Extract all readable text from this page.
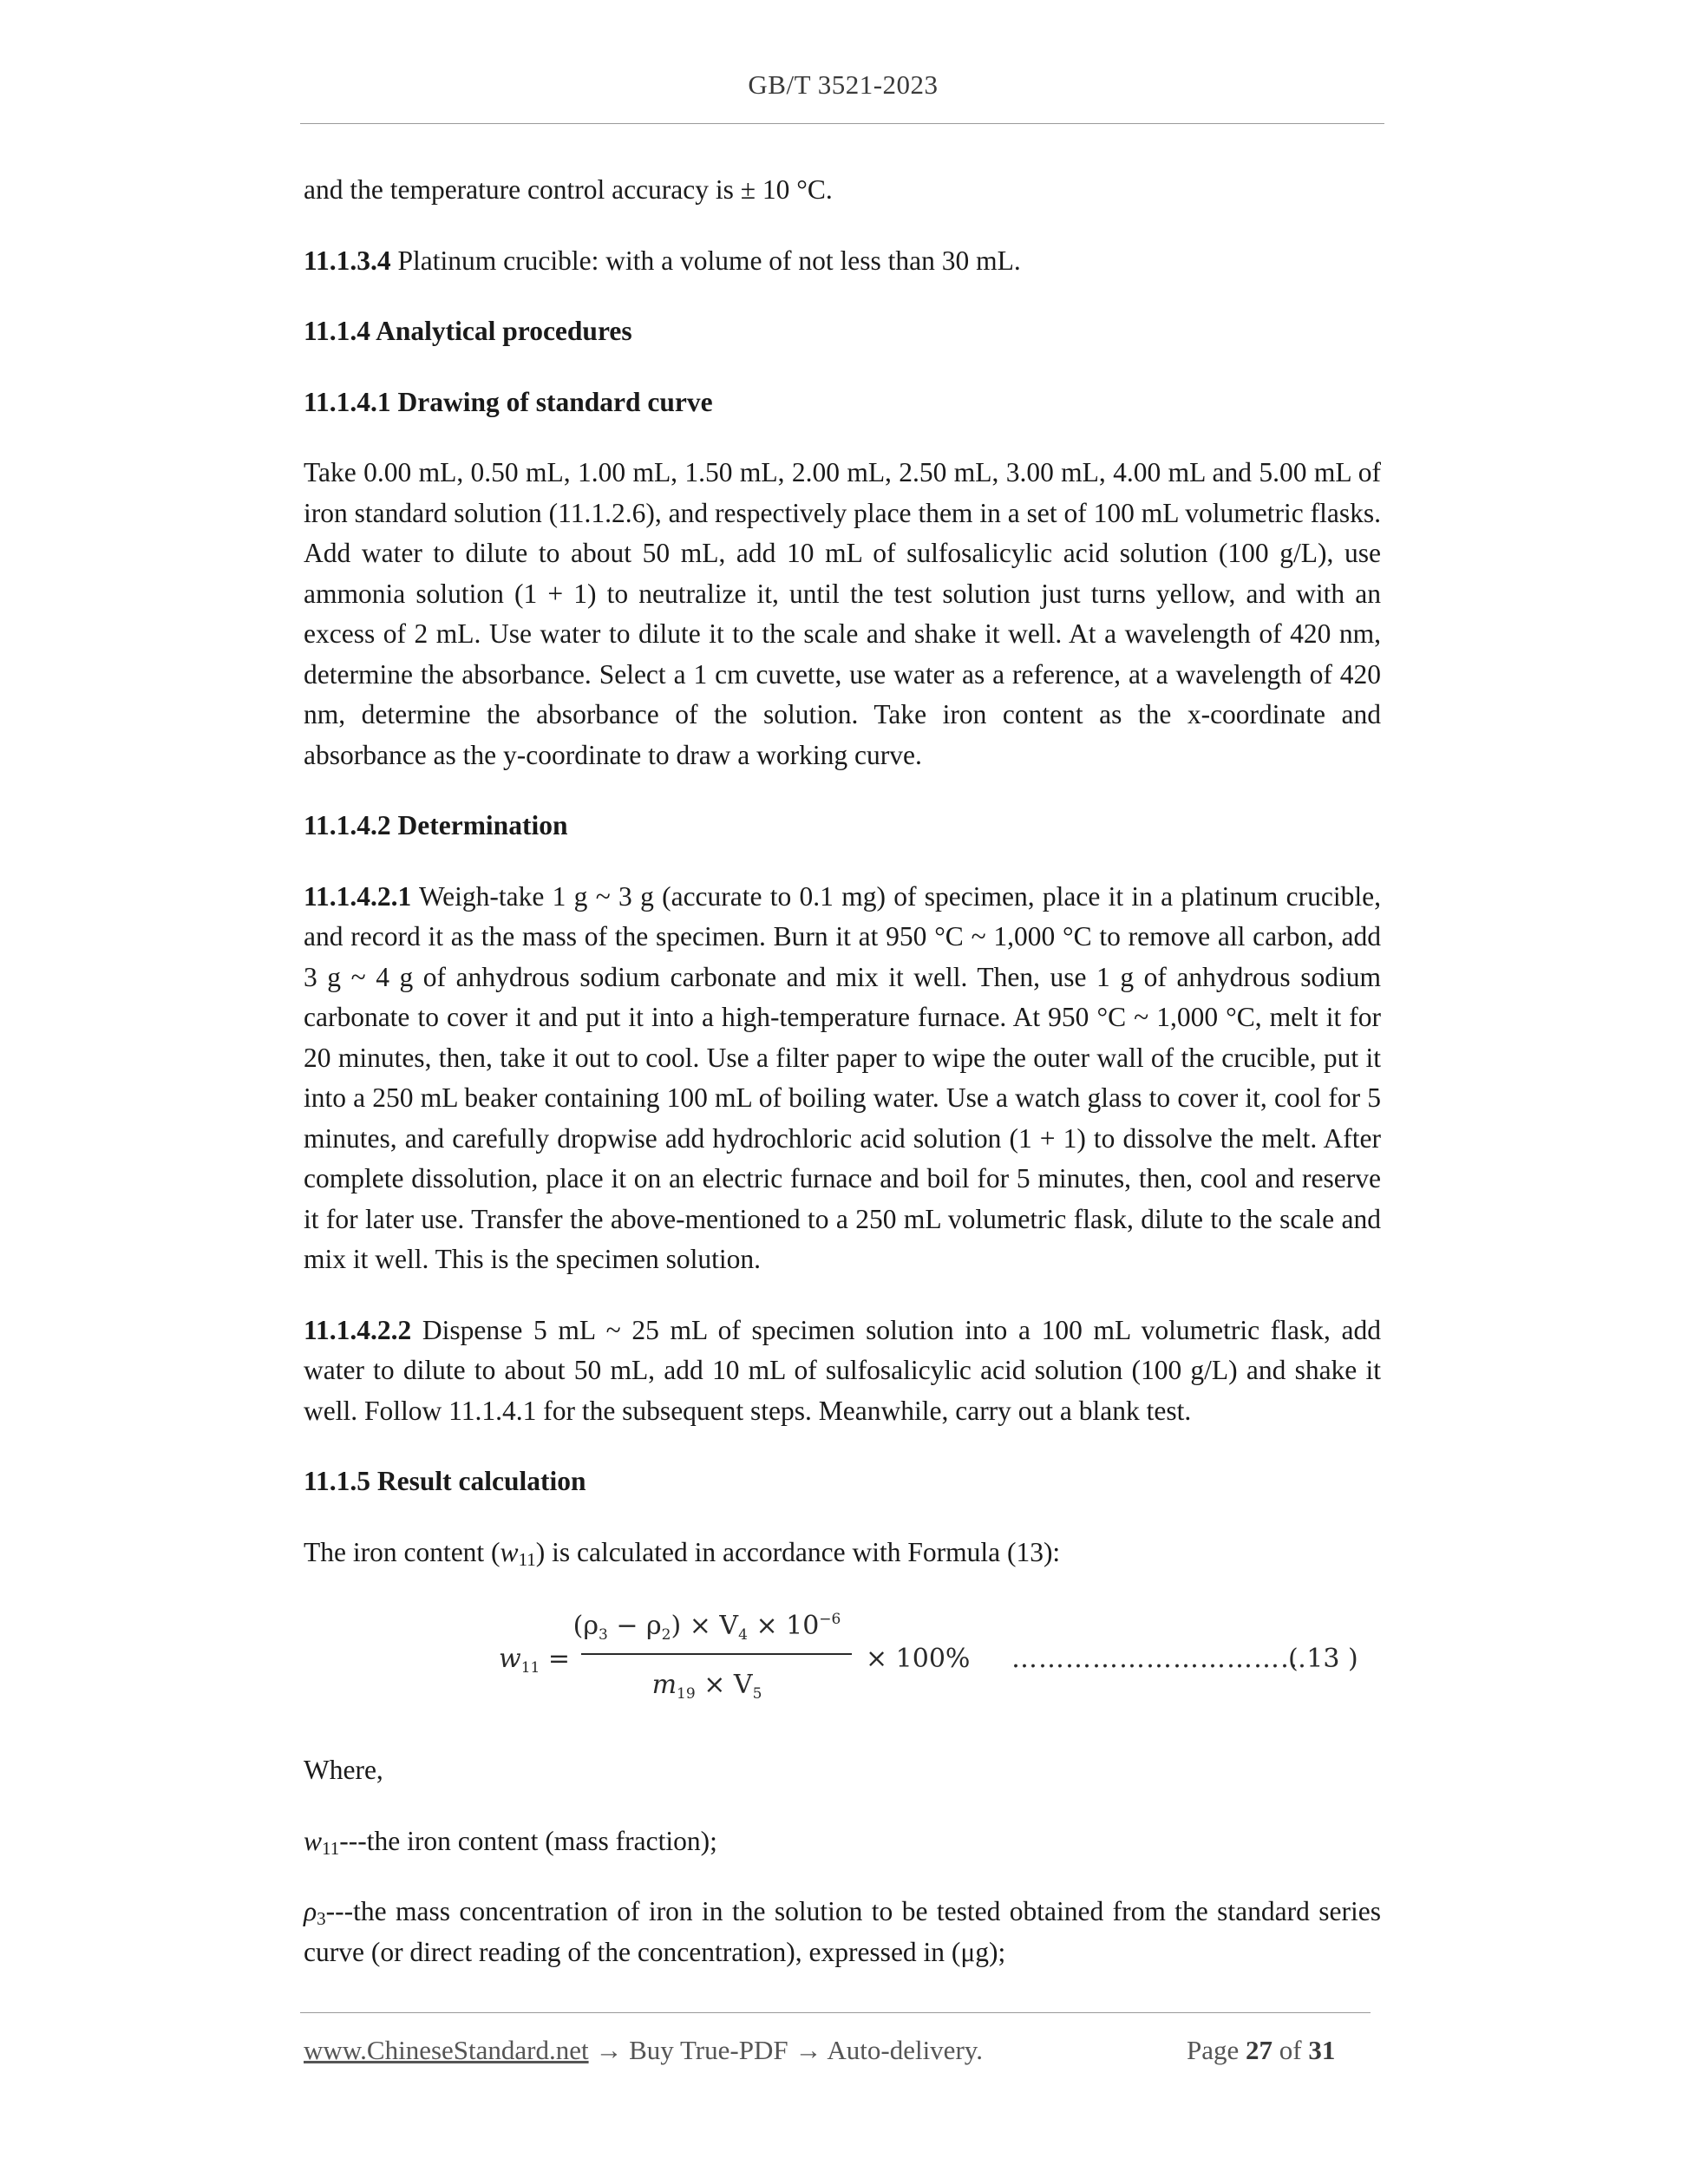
GB/T 3521-2023

and the temperature control accuracy is ± 10 °C.

11.1.3.4 Platinum crucible: with a volume of not less than 30 mL.

11.1.4 Analytical procedures

11.1.4.1 Drawing of standard curve

Take 0.00 mL, 0.50 mL, 1.00 mL, 1.50 mL, 2.00 mL, 2.50 mL, 3.00 mL, 4.00 mL and 5.00 mL of iron standard solution (11.1.2.6), and respectively place them in a set of 100 mL volumetric flasks. Add water to dilute to about 50 mL, add 10 mL of sulfosalicylic acid solution (100 g/L), use ammonia solution (1 + 1) to neutralize it, until the test solution just turns yellow, and with an excess of 2 mL. Use water to dilute it to the scale and shake it well. At a wavelength of 420 nm, determine the absorbance. Select a 1 cm cuvette, use water as a reference, at a wavelength of 420 nm, determine the absorbance of the solution. Take iron content as the x-coordinate and absorbance as the y-coordinate to draw a working curve.

11.1.4.2 Determination

11.1.4.2.1 Weigh-take 1 g ~ 3 g (accurate to 0.1 mg) of specimen, place it in a platinum crucible, and record it as the mass of the specimen. Burn it at 950 °C ~ 1,000 °C to remove all carbon, add 3 g ~ 4 g of anhydrous sodium carbonate and mix it well. Then, use 1 g of anhydrous sodium carbonate to cover it and put it into a high-temperature furnace. At 950 °C ~ 1,000 °C, melt it for 20 minutes, then, take it out to cool. Use a filter paper to wipe the outer wall of the crucible, put it into a 250 mL beaker containing 100 mL of boiling water. Use a watch glass to cover it, cool for 5 minutes, and carefully dropwise add hydrochloric acid solution (1 + 1) to dissolve the melt. After complete dissolution, place it on an electric furnace and boil for 5 minutes, then, cool and reserve it for later use. Transfer the above-mentioned to a 250 mL volumetric flask, dilute to the scale and mix it well. This is the specimen solution.

11.1.4.2.2 Dispense 5 mL ~ 25 mL of specimen solution into a 100 mL volumetric flask, add water to dilute to about 50 mL, add 10 mL of sulfosalicylic acid solution (100 g/L) and shake it well. Follow 11.1.4.1 for the subsequent steps. Meanwhile, carry out a blank test.

11.1.5 Result calculation

The iron content $(w_{11})$ is calculated in accordance with Formula (13):

$w_{11}$ =
$(\rho_3 - \rho_2) \times V_4 \times 10^{-6}$
$m_{19} \times V_5$
× 100% ……………………………
( 13 )

Where,

$w_{11}--$-the iron content (mass fraction);

$\rho_3--$-the mass concentration of iron in the solution to be tested obtained from the standard series curve (or direct reading of the concentration), expressed in (μg);

www.ChineseStandard.net → Buy True-PDF → Auto-delivery.	Page 27 of 31
